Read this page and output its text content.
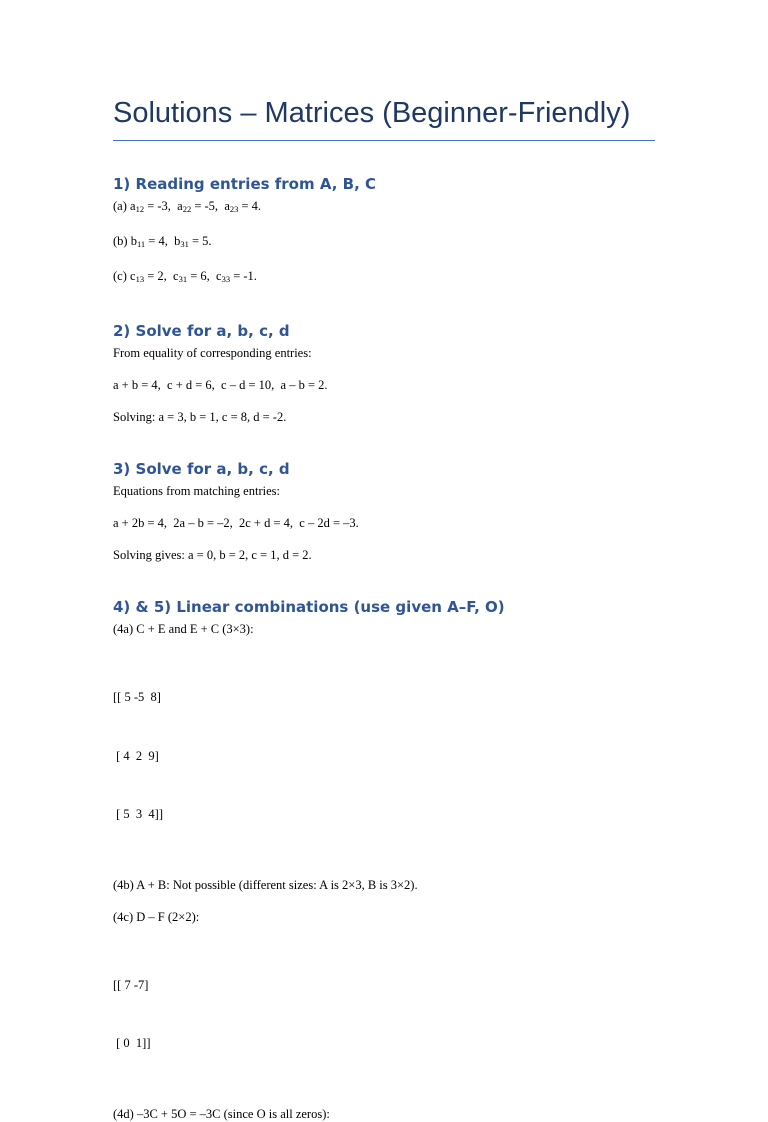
Solutions – Matrices (Beginner-Friendly)
1) Reading entries from A, B, C

(a) $a_{12} = -3$,  $a_{22} = -5$,  $a_{23} = 4$.

(b) $b_{11} = 4$,  $b_{31} = 5$.

(c) $c_{13} = 2$,  $c_{31} = 6$,  $c_{33} = -1$.

2) Solve for a, b, c, d

From equality of corresponding entries:

a + b = 4,  c + d = 6,  c – d = 10,  a – b = 2.

Solving: a = 3, b = 1, c = 8, d = -2.

3) Solve for a, b, c, d

Equations from matching entries:

a + 2b = 4,  2a – b = –2,  2c + d = 4,  c – 2d = –3.

Solving gives: a = 0, b = 2, c = 1, d = 2.

4) & 5) Linear combinations (use given A–F, O)

(4a) C + E and E + C (3×3):

[[ 5 -5  8]

[ 4  2  9]

[ 5  3  4]]

(4b) A + B: Not possible (different sizes: A is 2×3, B is 3×2).

(4c) D – F (2×2):

[[ 7 -7]

[ 0  1]]

(4d) –3C + 5O = –3C (since O is all zeros):
